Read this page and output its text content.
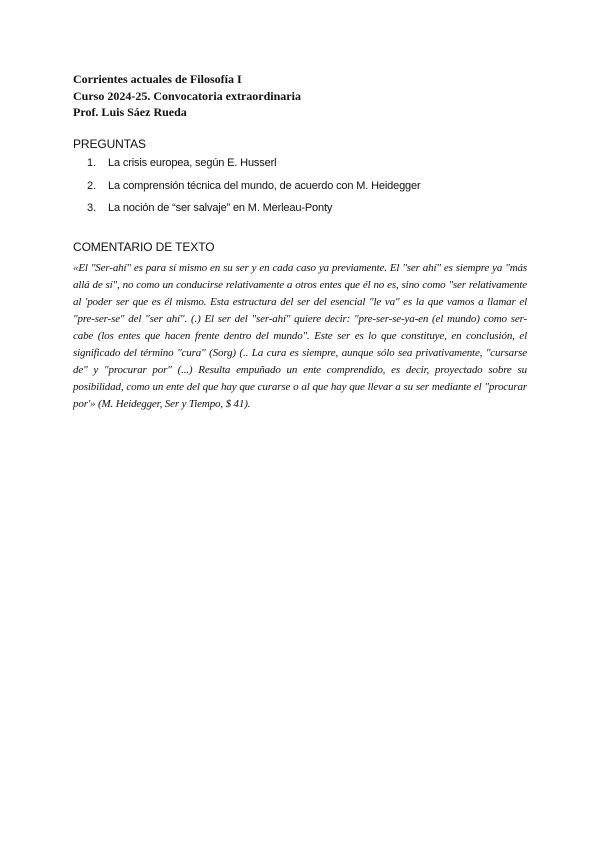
Corrientes actuales de Filosofía I
Curso 2024-25. Convocatoria extraordinaria
Prof. Luis Sáez Rueda
PREGUNTAS
1.	La crisis europea, según E. Husserl
2.	La comprensión técnica del mundo, de acuerdo con M. Heidegger
3.	La noción de “ser salvaje” en M. Merleau-Ponty
COMENTARIO DE TEXTO

«El "Ser-ahí" es para sí mismo en su ser y en cada caso ya previamente. El "ser ahí" es siempre ya "más allá de sí", no como un conducirse relativamente a otros entes que él no es, sino como "ser relativamente al 'poder ser que es él mismo. Esta estructura del ser del esencial "le va" es la que vamos a llamar el "pre-ser-se" del "ser ahí". (.) El ser del "ser-ahí" quiere decir: "pre-ser-se-ya-en (el mundo) como ser-cabe (los entes que hacen frente dentro del mundo". Este ser es lo que constituye, en conclusión, el significado del término "cura" (Sorg) (.. La cura es siempre, aunque sólo sea privativamente, "cursarse de" y "procurar por" (...) Resulta empuñado un ente comprendido, es decir, proyectado sobre su posibilidad, como un ente del que hay que curarse o al que hay que llevar a su ser mediante el "procurar por'» (M. Heidegger, Ser y Tiempo, $ 41).
